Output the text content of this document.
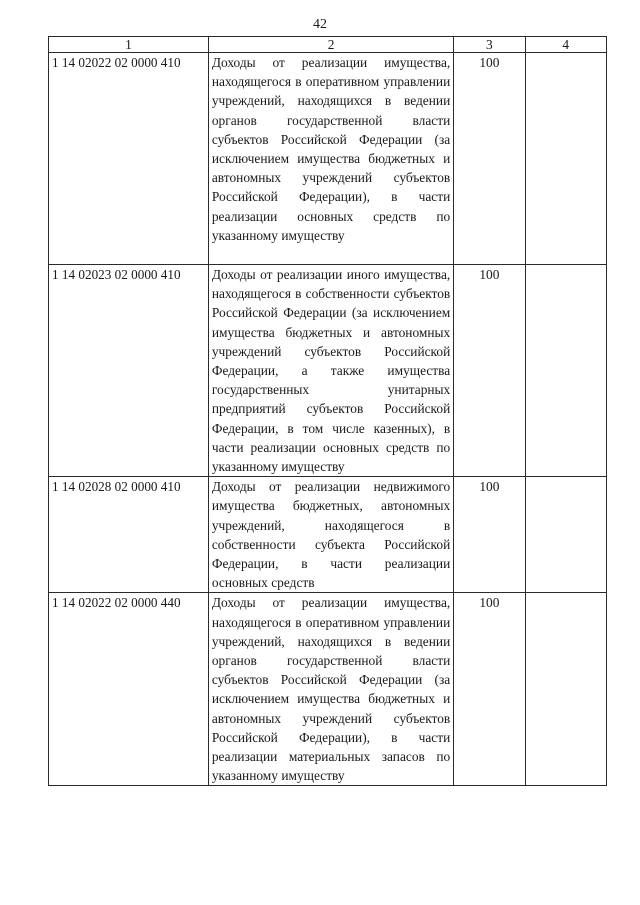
42
1	2	3	4
1 14 02022 02 0000 410	Доходы от реализации имущества, находящегося в оперативном управлении учреждений, находящихся в ведении органов государственной власти субъектов Российской Федерации (за исключением имущества бюджетных и автономных учреждений субъектов Российской Федерации), в части реализации основных средств по указанному имуществу	100	
1 14 02023 02 0000 410	Доходы от реализации иного имущества, находящегося в собственности субъектов Российской Федерации (за исключением имущества бюджетных и автономных учреждений субъектов Российской Федерации, а также имущества государственных унитарных предприятий субъектов Российской Федерации, в том числе казенных), в части реализации основных средств по указанному имуществу	100	
1 14 02028 02 0000 410	Доходы от реализации недвижимого имущества бюджетных, автономных учреждений, находящегося в собственности субъекта Российской Федерации, в части реализации основных средств	100	
1 14 02022 02 0000 440	Доходы от реализации имущества, находящегося в оперативном управлении учреждений, находящихся в ведении органов государственной власти субъектов Российской Федерации (за исключением имущества бюджетных и автономных учреждений субъектов Российской Федерации), в части реализации материальных запасов по указанному имуществу	100	
